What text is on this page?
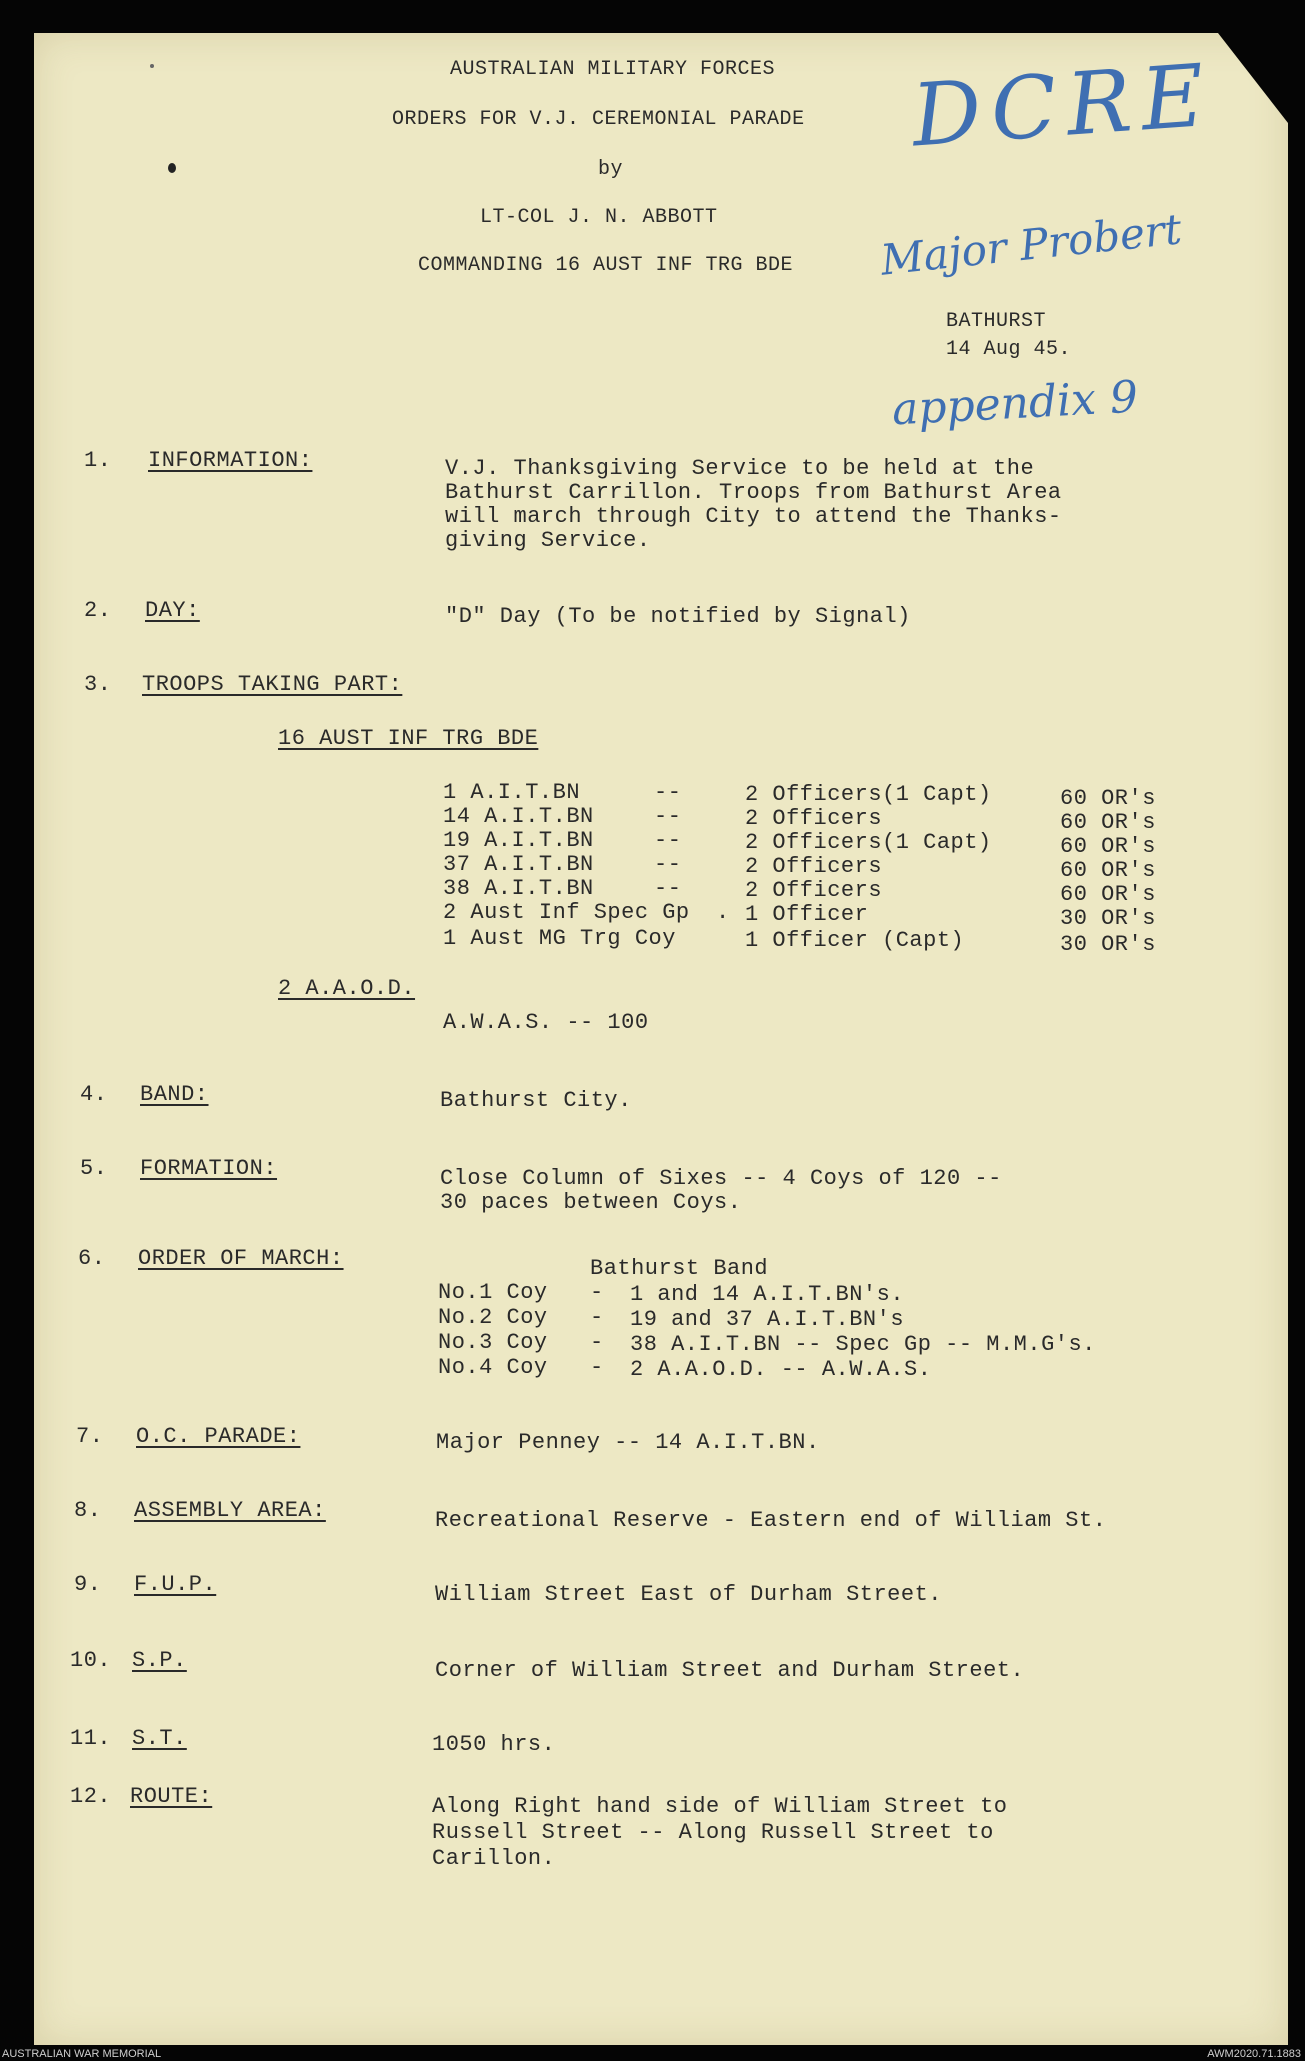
AUSTRALIAN MILITARY FORCES
ORDERS FOR V.J. CEREMONIAL PARADE
by
LT-COL J. N. ABBOTT
COMMANDING 16 AUST INF TRG BDE
BATHURST
14 Aug 45.
DCRE
Major Probert
appendix 9
1. INFORMATION:	V.J. Thanksgiving Service to be held at the
Bathurst Carrillon. Troops from Bathurst Area
will march through City to attend the Thanks-
giving Service.
2. DAY:	"D" Day (To be notified by Signal)
3. TROOPS TAKING PART:
16 AUST INF TRG BDE
1 A.I.T.BN	--	2 Officers(1 Capt)	60 OR's
14 A.I.T.BN	--	2 Officers	60 OR's
19 A.I.T.BN	--	2 Officers(1 Capt)	60 OR's
37 A.I.T.BN	--	2 Officers	60 OR's
38 A.I.T.BN	--	2 Officers	60 OR's
2 Aust Inf Spec Gp . 1 Officer	30 OR's
1 Aust MG Trg Coy	1 Officer (Capt)	30 OR's
2 A.A.O.D.
A.W.A.S. -- 100
4. BAND:	Bathurst City.
5. FORMATION:	Close Column of Sixes -- 4 Coys of 120 --
30 paces between Coys.
6. ORDER OF MARCH:	Bathurst Band
No.1 Coy - 1 and 14 A.I.T.BN's.
No.2 Coy - 19 and 37 A.I.T.BN's
No.3 Coy - 38 A.I.T.BN -- Spec Gp -- M.M.G's.
No.4 Coy - 2 A.A.O.D. -- A.W.A.S.
7. O.C. PARADE:	Major Penney -- 14 A.I.T.BN.
8. ASSEMBLY AREA:	Recreational Reserve - Eastern end of William St.
9. F.U.P.	William Street East of Durham Street.
10. S.P.	Corner of William Street and Durham Street.
11. S.T.	1050 hrs.
12. ROUTE:	Along Right hand side of William Street to
Russell Street -- Along Russell Street to
Carillon.
AUSTRALIAN WAR MEMORIAL	AWM2020.71.1883
